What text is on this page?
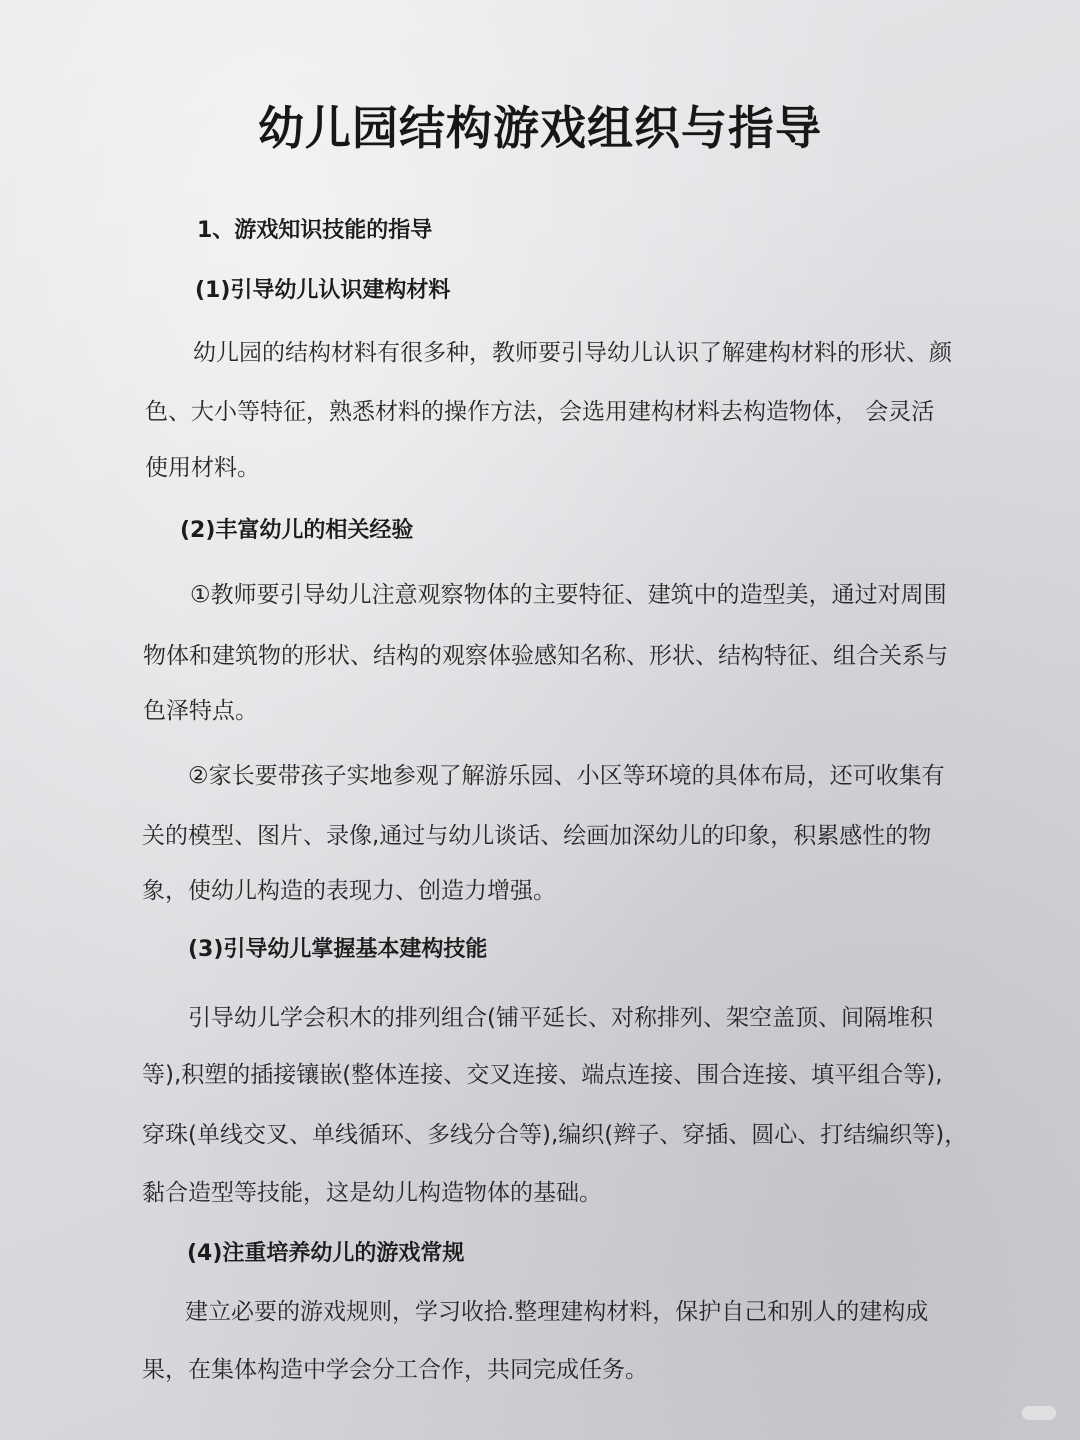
幼儿园结构游戏组织与指导
1、游戏知识技能的指导
(1)引导幼儿认识建构材料
幼儿园的结构材料有很多种，教师要引导幼儿认识了解建构材料的形状、颜
色、大小等特征，熟悉材料的操作方法，会选用建构材料去构造物体， 会灵活
使用材料。
(2)丰富幼儿的相关经验
①教师要引导幼儿注意观察物体的主要特征、建筑中的造型美，通过对周围
物体和建筑物的形状、结构的观察体验感知名称、形状、结构特征、组合关系与
色泽特点。
②家长要带孩子实地参观了解游乐园、小区等环境的具体布局，还可收集有
关的模型、图片、录像,通过与幼儿谈话、绘画加深幼儿的印象，积累感性的物
象，使幼儿构造的表现力、创造力增强。
(3)引导幼儿掌握基本建构技能
引导幼儿学会积木的排列组合(铺平延长、对称排列、架空盖顶、间隔堆积
等),积塑的插接镶嵌(整体连接、交叉连接、端点连接、围合连接、填平组合等),
穿珠(单线交叉、单线循环、多线分合等),编织(辫子、穿插、圆心、打结编织等)，
黏合造型等技能，这是幼儿构造物体的基础。
(4)注重培养幼儿的游戏常规
建立必要的游戏规则，学习收拾.整理建构材料，保护自己和别人的建构成
果，在集体构造中学会分工合作，共同完成任务。
